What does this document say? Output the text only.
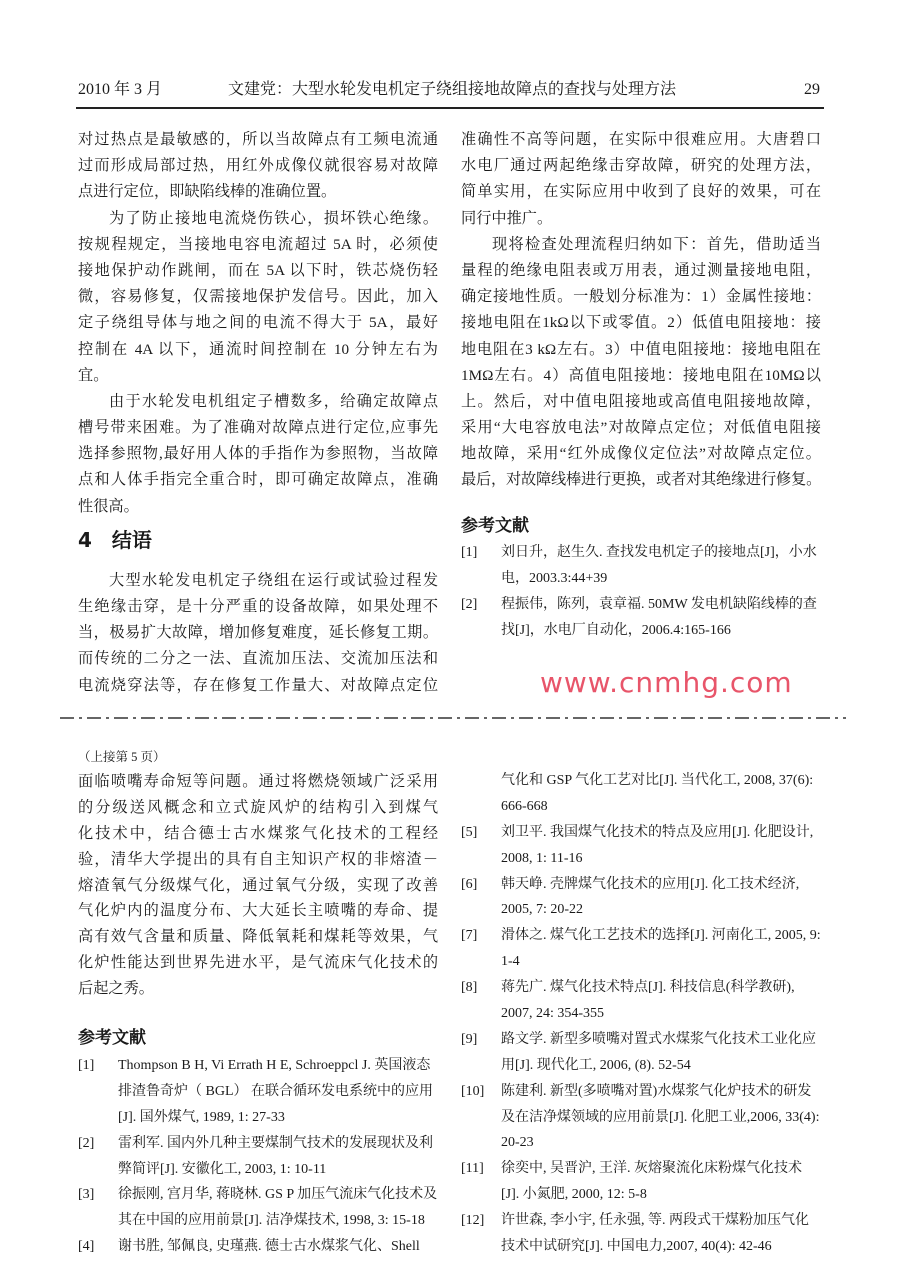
2010 年 3 月	文建党：大型水轮发电机定子绕组接地故障点的查找与处理方法	29
对过热点是最敏感的，所以当故障点有工频电流通
过而形成局部过热，用红外成像仪就很容易对故障
点进行定位，即缺陷线棒的准确位置。
为了防止接地电流烧伤铁心，损坏铁心绝缘。
按规程规定，当接地电容电流超过 5A 时，必须使
接地保护动作跳闸，而在 5A 以下时，铁芯烧伤轻
微，容易修复，仅需接地保护发信号。因此，加入
定子绕组导体与地之间的电流不得大于 5A，最好
控制在 4A 以下，通流时间控制在 10 分钟左右为
宜。
由于水轮发电机组定子槽数多，给确定故障点
槽号带来困难。为了准确对故障点进行定位,应事先
选择参照物,最好用人体的手指作为参照物，当故障
点和人体手指完全重合时，即可确定故障点，准确
性很高。
4　结语
大型水轮发电机定子绕组在运行或试验过程发
生绝缘击穿，是十分严重的设备故障，如果处理不
当，极易扩大故障，增加修复难度，延长修复工期。
而传统的二分之一法、直流加压法、交流加压法和
电流烧穿法等，存在修复工作量大、对故障点定位
准确性不高等问题，在实际中很难应用。大唐碧口
水电厂通过两起绝缘击穿故障，研究的处理方法，
简单实用，在实际应用中收到了良好的效果，可在
同行中推广。
现将检查处理流程归纳如下：首先，借助适当
量程的绝缘电阻表或万用表，通过测量接地电阻，
确定接地性质。一般划分标准为：1）金属性接地：
接地电阻在1kΩ以下或零值。2）低值电阻接地：接
地电阻在3 kΩ左右。3）中值电阻接地：接地电阻在
1MΩ左右。4）高值电阻接地：接地电阻在10MΩ以
上。然后，对中值电阻接地或高值电阻接地故障，
采用“大电容放电法”对故障点定位；对低值电阻接
地故障，采用“红外成像仪定位法”对故障点定位。
最后，对故障线棒进行更换，或者对其绝缘进行修复。
参考文献
[1]	刘日升，赵生久. 查找发电机定子的接地点[J]，小水
电，2003.3:44+39
[2]	程振伟，陈列，袁章福. 50MW 发电机缺陷线棒的查
找[J]，水电厂自动化，2006.4:165-166
www.cnmhg.com
（上接第 5 页）
面临喷嘴寿命短等问题。通过将燃烧领域广泛采用
的分级送风概念和立式旋风炉的结构引入到煤气
化技术中，结合德士古水煤浆气化技术的工程经
验，清华大学提出的具有自主知识产权的非熔渣－
熔渣氧气分级煤气化，通过氧气分级，实现了改善
气化炉内的温度分布、大大延长主喷嘴的寿命、提
高有效气含量和质量、降低氧耗和煤耗等效果，气
化炉性能达到世界先进水平，是气流床气化技术的
后起之秀。
参考文献
[1]	Thompson B H, Vi Errath H E, Schroeppcl J. 英国液态
排渣鲁奇炉（ BGL） 在联合循环发电系统中的应用
[J]. 国外煤气, 1989, 1: 27-33
[2]	雷利军. 国内外几种主要煤制气技术的发展现状及利
弊简评[J]. 安徽化工, 2003, 1: 10-11
[3]	徐振刚, 宫月华, 蒋晓林. GS P 加压气流床气化技术及
其在中国的应用前景[J]. 洁净煤技术, 1998, 3: 15-18
[4]	谢书胜, 邹佩良, 史瑾燕. 德士古水煤浆气化、Shell
气化和 GSP 气化工艺对比[J]. 当代化工, 2008, 37(6):
666-668
[5]	刘卫平. 我国煤气化技术的特点及应用[J]. 化肥设计,
2008, 1: 11-16
[6]	韩天峥. 壳牌煤气化技术的应用[J]. 化工技术经济,
2005, 7: 20-22
[7]	滑体之. 煤气化工艺技术的选择[J]. 河南化工, 2005, 9:
1-4
[8]	蒋先广. 煤气化技术特点[J]. 科技信息(科学教研),
2007, 24: 354-355
[9]	路文学. 新型多喷嘴对置式水煤浆气化技术工业化应
用[J]. 现代化工, 2006, (8). 52-54
[10]	陈建利. 新型(多喷嘴对置)水煤浆气化炉技术的研发
及在洁净煤领域的应用前景[J]. 化肥工业,2006, 33(4):
20-23
[11]	徐奕中, 吴晋沪, 王洋. 灰熔聚流化床粉煤气化技术
[J]. 小氮肥, 2000, 12: 5-8
[12]	许世森, 李小宇, 任永强, 等. 两段式干煤粉加压气化
技术中试研究[J]. 中国电力,2007, 40(4): 42-46
